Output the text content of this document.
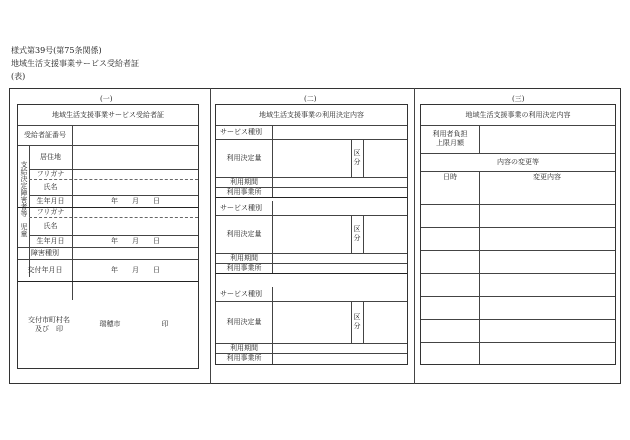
様式第39号(第75条関係)
地域生活支援事業サービス受給者証
(表)
(一)	(二)	(三)
地域生活支援事業サービス受給者証
受給者証番号
支給決定障害者等
居住地
フリガナ
氏名
生年月日	年　　月　　日
児童
フリガナ
氏名
生年月日	年　　月　　日
障害種別
交付年月日	年　　月　　日
交付市町村名
及び　印
瑞穂市	印
地域生活支援事業の利用決定内容
サービス種別
利用決定量
区
分
利用期間
利用事業所
サービス種別
利用決定量
区
分
利用期間
利用事業所
サービス種別
利用決定量
区
分
利用期間
利用事業所
地域生活支援事業の利用決定内容
利用者負担
上限月額
内容の変更等
日時	変更内容
